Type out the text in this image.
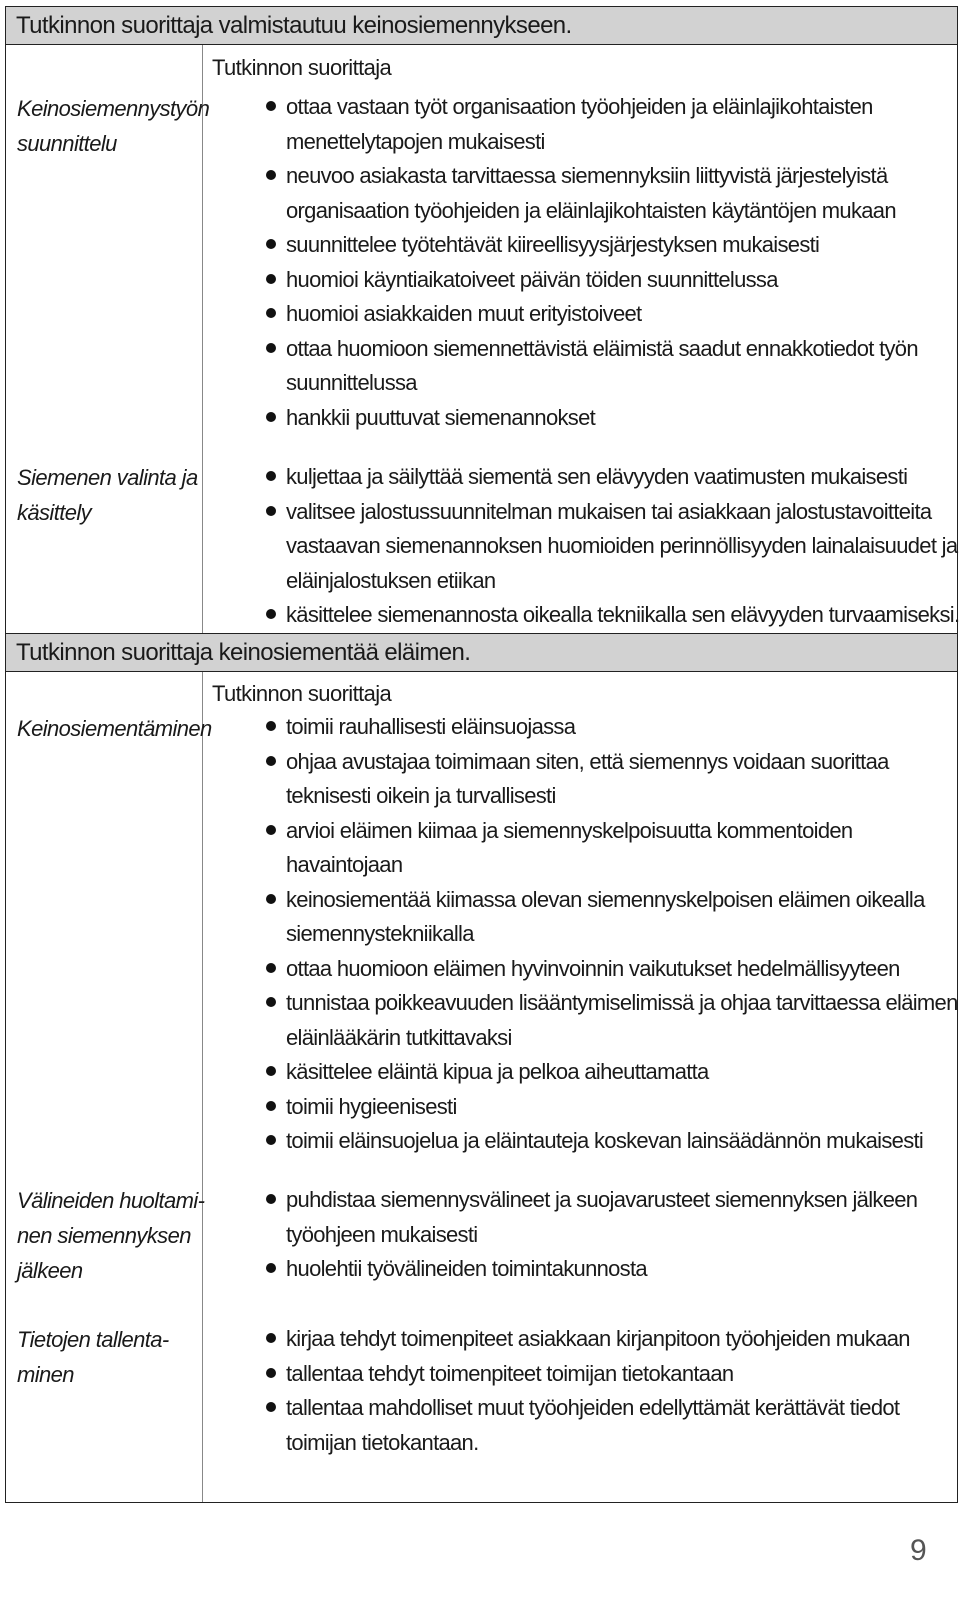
Tutkinnon suorittaja valmistautuu keinosiemennykseen.
Tutkinnon suorittaja
Keinosiemennystyön
suunnittelu
ottaa vastaan työt organisaation työohjeiden ja eläinlajikohtaisten
menettelytapojen mukaisesti
neuvoo asiakasta tarvittaessa siemennyksiin liittyvistä järjestelyistä
organisaation työohjeiden ja eläinlajikohtaisten käytäntöjen mukaan
suunnittelee työtehtävät kiireellisyysjärjestyksen mukaisesti
huomioi käyntiaikatoiveet päivän töiden suunnittelussa
huomioi asiakkaiden muut erityistoiveet
ottaa huomioon siemennettävistä eläimistä saadut ennakkotiedot työn
suunnittelussa
hankkii puuttuvat siemenannokset
Siemenen valinta ja
käsittely
kuljettaa ja säilyttää siementä sen elävyyden vaatimusten mukaisesti
valitsee jalostussuunnitelman mukaisen tai asiakkaan jalostustavoitteita
vastaavan siemenannoksen huomioiden perinnöllisyyden lainalaisuudet ja
eläinjalostuksen etiikan
käsittelee siemenannosta oikealla tekniikalla sen elävyyden turvaamiseksi.
Tutkinnon suorittaja keinosiementää eläimen.
Tutkinnon suorittaja
Keinosiementäminen	toimii rauhallisesti eläinsuojassa
ohjaa avustajaa toimimaan siten, että siemennys voidaan suorittaa
teknisesti oikein ja turvallisesti
arvioi eläimen kiimaa ja siemennyskelpoisuutta kommentoiden
havaintojaan
keinosiementää kiimassa olevan siemennyskelpoisen eläimen oikealla
siemennystekniikalla
ottaa huomioon eläimen hyvinvoinnin vaikutukset hedelmällisyyteen
tunnistaa poikkeavuuden lisääntymiselimissä ja ohjaa tarvittaessa eläimen
eläinlääkärin tutkittavaksi
käsittelee eläintä kipua ja pelkoa aiheuttamatta
toimii hygieenisesti
toimii eläinsuojelua ja eläintauteja koskevan lainsäädännön mukaisesti
Välineiden huoltami-
nen siemennyksen
jälkeen
puhdistaa siemennysvälineet ja suojavarusteet siemennyksen jälkeen
työohjeen mukaisesti
huolehtii työvälineiden toimintakunnosta
Tietojen tallenta-
minen
kirjaa tehdyt toimenpiteet asiakkaan kirjanpitoon työohjeiden mukaan
tallentaa tehdyt toimenpiteet toimijan tietokantaan
tallentaa mahdolliset muut työohjeiden edellyttämät kerättävät tiedot
toimijan tietokantaan.
9
